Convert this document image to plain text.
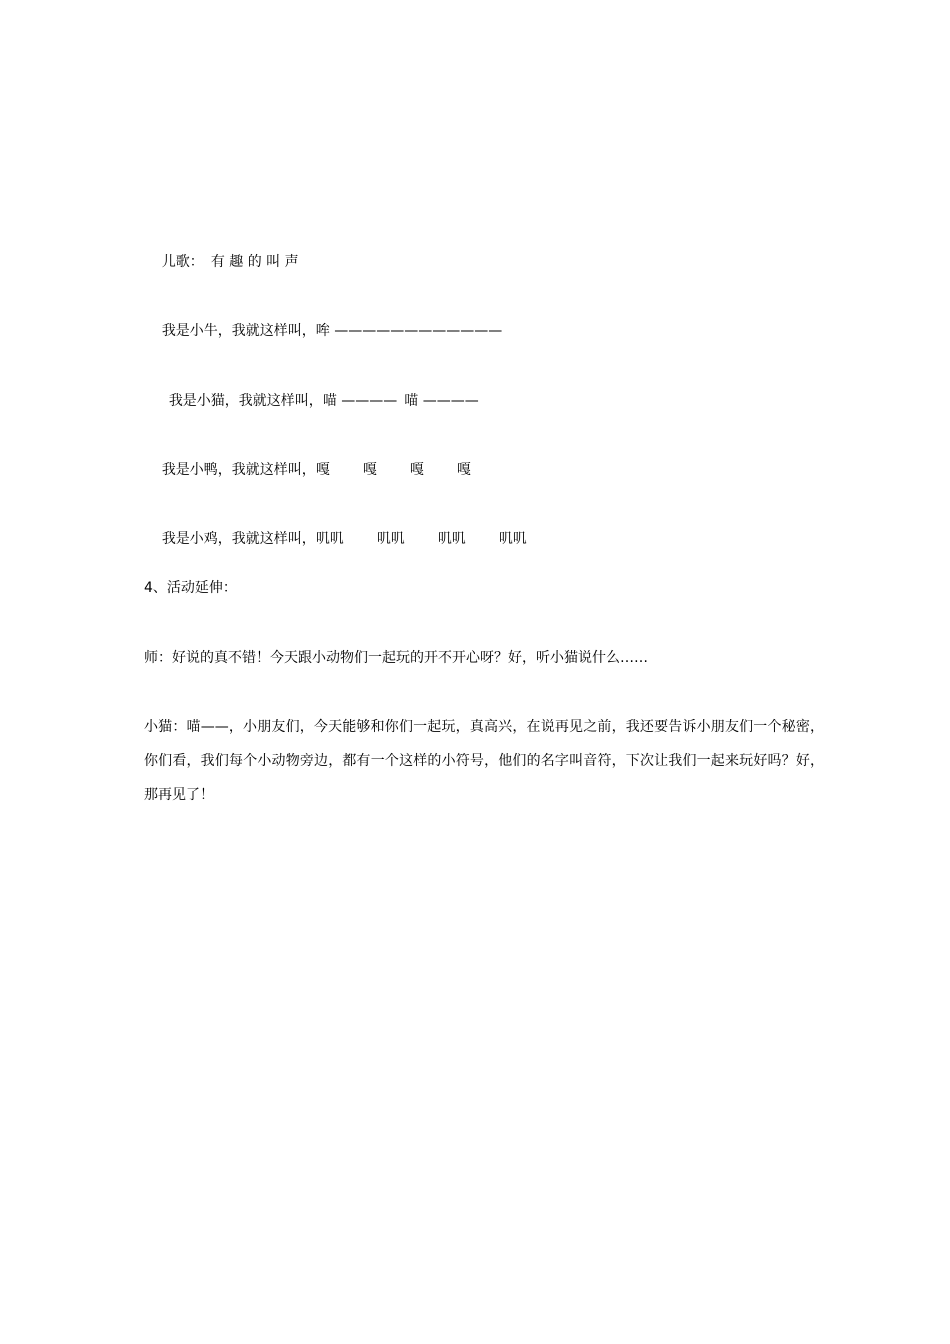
儿歌： 有 趣 的 叫 声

我是小牛，我就这样叫，哞 ————————————

我是小猫，我就这样叫，喵 ———— 喵 ————

我是小鸭，我就这样叫，嘎 嘎 嘎 嘎

我是小鸡，我就这样叫，叽叽 叽叽 叽叽 叽叽

4、活动延伸：

师：好说的真不错！今天跟小动物们一起玩的开不开心呀？好，听小猫说什么……

小猫：喵——，小朋友们，今天能够和你们一起玩，真高兴，在说再见之前，我还要告诉小朋友们一个秘密，你们看，我们每个小动物旁边，都有一个这样的小符号，他们的名字叫音符，下次让我们一起来玩好吗？好，那再见了！
